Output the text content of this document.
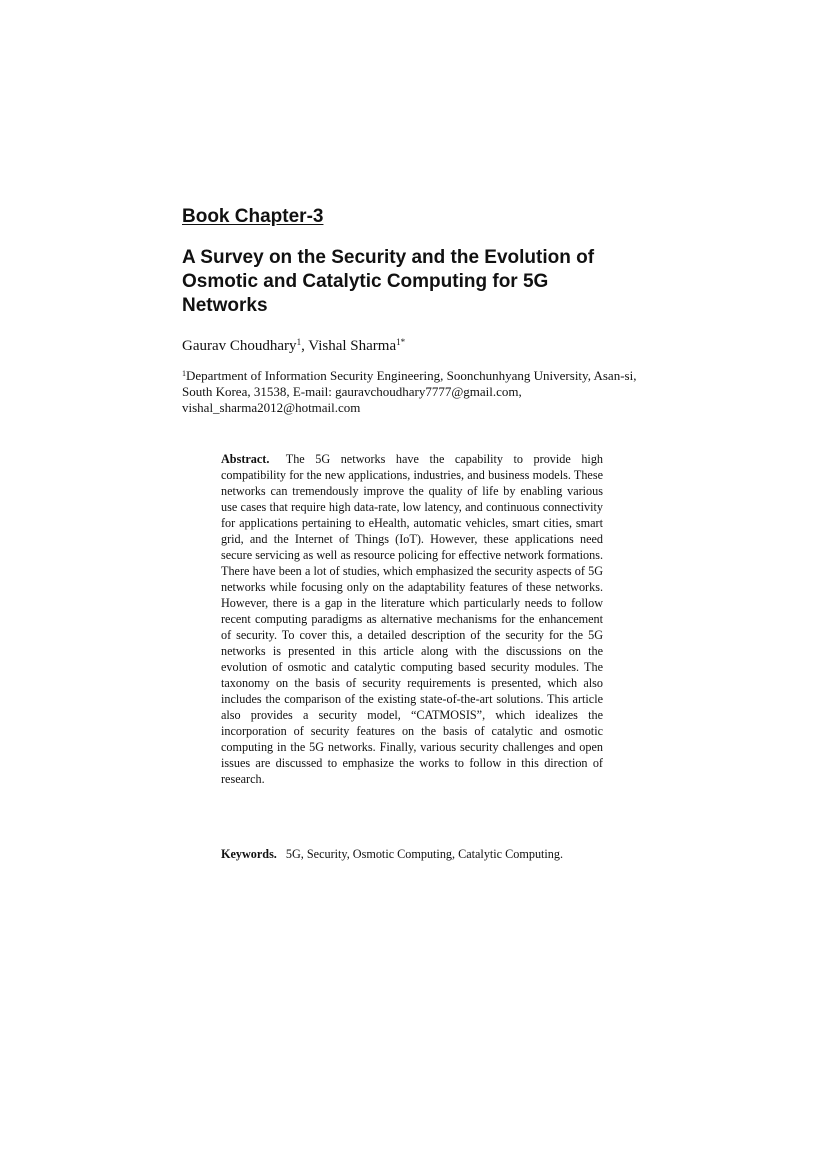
Book Chapter-3
A Survey on the Security and the Evolution of Osmotic and Catalytic Computing for 5G Networks

Gaurav Choudhary$^1$, Vishal Sharma$^{1*}$

$^1$Department of Information Security Engineering, Soonchunhyang University, Asan-si, South Korea, 31538, E-mail: gauravchoudhary7777@gmail.com, vishal_sharma2012@hotmail.com

Abstract. The 5G networks have the capability to provide high compatibility for the new applications, industries, and business models. These networks can tremendously improve the quality of life by enabling various use cases that require high data-rate, low latency, and continuous connectivity for applications pertaining to eHealth, automatic vehicles, smart cities, smart grid, and the Internet of Things (IoT). However, these applications need secure servicing as well as resource policing for effective network formations. There have been a lot of studies, which emphasized the security aspects of 5G networks while focusing only on the adaptability features of these networks. However, there is a gap in the literature which particularly needs to follow recent computing paradigms as alternative mechanisms for the enhancement of security. To cover this, a detailed description of the security for the 5G networks is presented in this article along with the discussions on the evolution of osmotic and catalytic computing based security modules. The taxonomy on the basis of security requirements is presented, which also includes the comparison of the existing state-of-the-art solutions. This article also provides a security model, “CATMOSIS”, which idealizes the incorporation of security features on the basis of catalytic and osmotic computing in the 5G networks. Finally, various security challenges and open issues are discussed to emphasize the works to follow in this direction of research.

Keywords. 5G, Security, Osmotic Computing, Catalytic Computing.
